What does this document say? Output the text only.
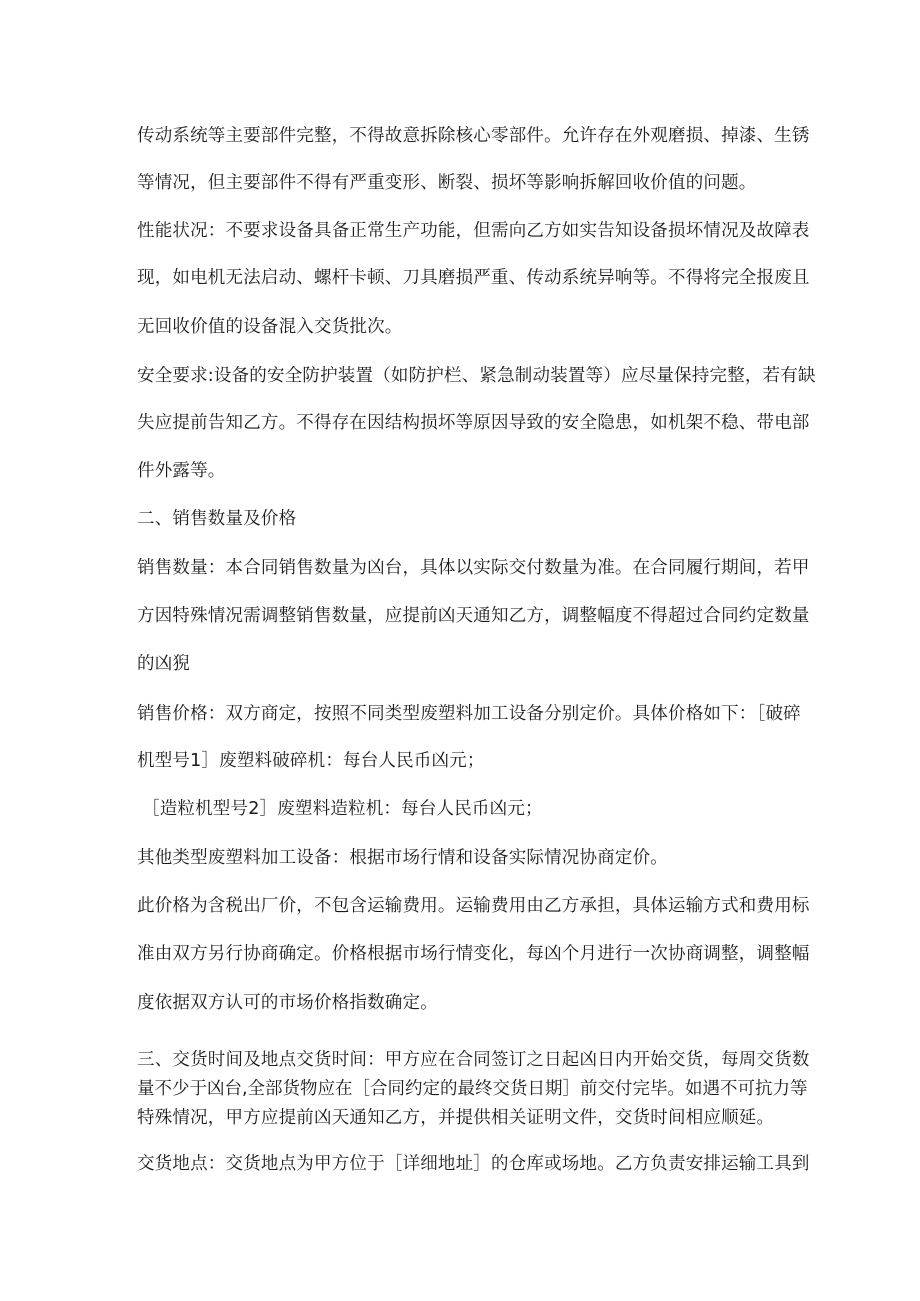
传动系统等主要部件完整，不得故意拆除核心零部件。允许存在外观磨损、掉漆、生锈
等情况，但主要部件不得有严重变形、断裂、损坏等影响拆解回收价值的问题。
性能状况：不要求设备具备正常生产功能，但需向乙方如实告知设备损坏情况及故障表
现，如电机无法启动、螺杆卡顿、刀具磨损严重、传动系统异响等。不得将完全报废且
无回收价值的设备混入交货批次。
安全要求:设备的安全防护装置（如防护栏、紧急制动装置等）应尽量保持完整，若有缺
失应提前告知乙方。不得存在因结构损坏等原因导致的安全隐患，如机架不稳、带电部
件外露等。
二、销售数量及价格
销售数量：本合同销售数量为凶台，具体以实际交付数量为准。在合同履行期间，若甲
方因特殊情况需调整销售数量，应提前凶天通知乙方，调整幅度不得超过合同约定数量
的凶猊
销售价格：双方商定，按照不同类型废塑料加工设备分别定价。具体价格如下：［破碎
机型号1］废塑料破碎机：每台人民币凶元；
［造粒机型号2］废塑料造粒机：每台人民币凶元；
其他类型废塑料加工设备：根据市场行情和设备实际情况协商定价。
此价格为含税出厂价，不包含运输费用。运输费用由乙方承担，具体运输方式和费用标
准由双方另行协商确定。价格根据市场行情变化，每凶个月进行一次协商调整，调整幅
度依据双方认可的市场价格指数确定。
三、交货时间及地点交货时间：甲方应在合同签订之日起凶日内开始交货，每周交货数
量不少于凶台,全部货物应在［合同约定的最终交货日期］前交付完毕。如遇不可抗力等
特殊情况，甲方应提前凶天通知乙方，并提供相关证明文件，交货时间相应顺延。
交货地点：交货地点为甲方位于［详细地址］的仓库或场地。乙方负责安排运输工具到
